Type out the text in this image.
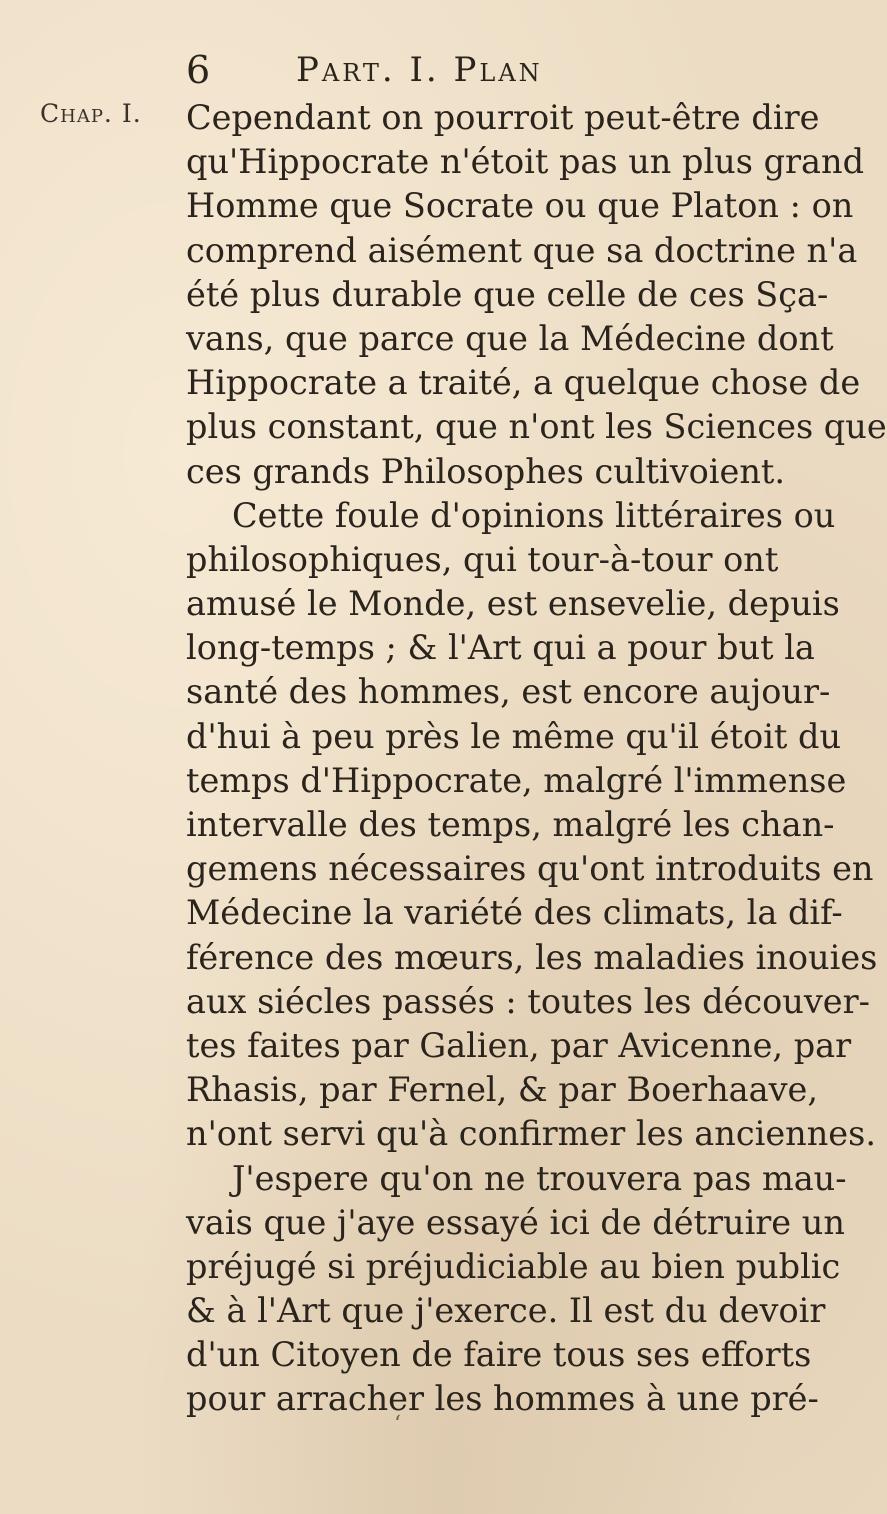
Chap. I.
6 Part. I. Plan
Cependant on pourroit peut-être dire
qu'Hippocrate n'étoit pas un plus grand
Homme que Socrate ou que Platon : on
comprend aisément que sa doctrine n'a
été plus durable que celle de ces Sça-
vans, que parce que la Médecine dont
Hippocrate a traité, a quelque chose de
plus constant, que n'ont les Sciences que
ces grands Philosophes cultivoient.
Cette foule d'opinions littéraires ou
philosophiques, qui tour-à-tour ont
amusé le Monde, est ensevelie, depuis
long-temps ; & l'Art qui a pour but la
santé des hommes, est encore aujour-
d'hui à peu près le même qu'il étoit du
temps d'Hippocrate, malgré l'immense
intervalle des temps, malgré les chan-
gemens nécessaires qu'ont introduits en
Médecine la variété des climats, la dif-
férence des mœurs, les maladies inouies
aux siécles passés : toutes les découver-
tes faites par Galien, par Avicenne, par
Rhasis, par Fernel, & par Boerhaave,
n'ont servi qu'à confirmer les anciennes.
J'espere qu'on ne trouvera pas mau-
vais que j'aye essayé ici de détruire un
préjugé si préjudiciable au bien public
& à l'Art que j'exerce. Il est du devoir
d'un Citoyen de faire tous ses efforts
pour arracher les hommes à une pré-
ʻ
